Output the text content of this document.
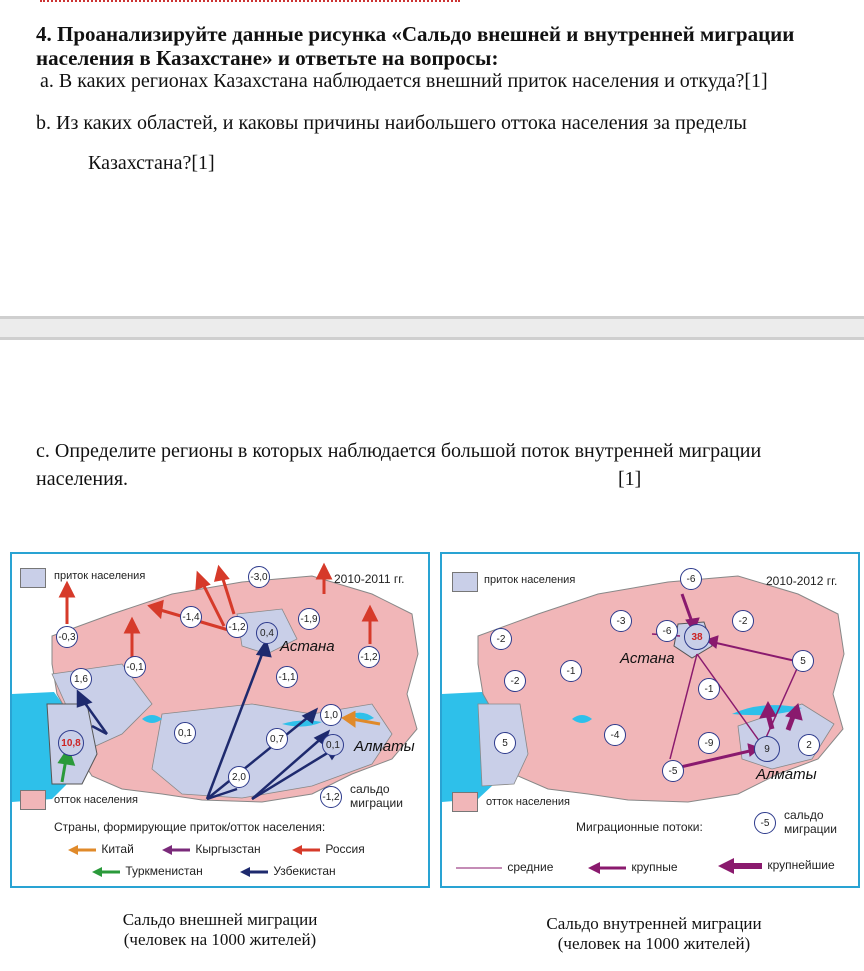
4. Проанализируйте данные рисунка «Сальдо внешней и внутренней миграции населения в Казахстане» и ответьте на вопросы:
a. В каких регионах Казахстана наблюдается внешний приток населения и откуда?[1]
b. Из каких областей, и каковы причины наибольшего оттока населения за пределы
Казахстана?[1]
c. Определите регионы в которых наблюдается большой поток внутренней миграции
населения.	[1]
приток населения	2010-2011 гг.
Астана
Алматы
-3,0
-1,4
-1,2
0,4
-1,9
-0,3
-0,1
1,6
-1,2
-1,1
10,8
0,1
0,7
1,0
0,1
2,0
отток населения	-1,2
сальдо
миграции
Страны, формирующие приток/отток населения:
Китай	Кыргызстан	Россия
Туркменистан	Узбекистан
приток населения	2010-2012 гг.
Астана
Алматы
-6
-3
-6
38
-2
-2
5
-2
-1
-1
5
-4
-9
9	2
-5
отток населения
-5
сальдо
миграции
Миграционные потоки:
средние	крупные	крупнейшие
Сальдо внешней миграции
(человек на 1000 жителей)
Сальдо внутренней миграции
(человек на 1000 жителей)
